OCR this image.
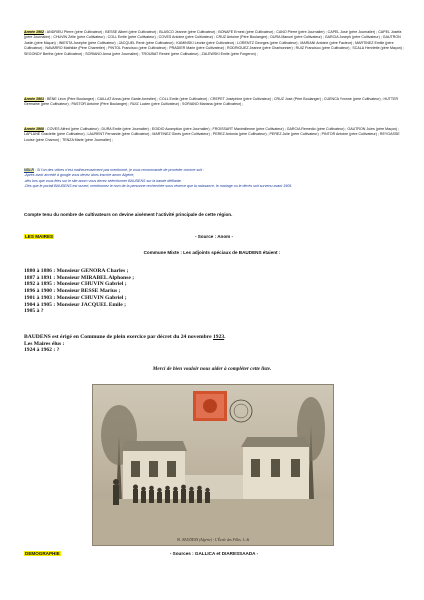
Année 1902 : ANDRIEU Pierre (père Cultivateur) ; BESSE Albert (père Cultivateur) ; BLASCO Jeanne (père Cultivateur) ; BONAFE Ernest (père Cultivateur) ; CANO Pierre (père Journalier) ; CAPEL José (père Journalier) ; CAPEL Joséfa (père Journalier) ; CHUVIN Zélie (père Cultivateur) ; COLL Emile (père Cultivateur) ; COVES Antoine (père Cultivateur) ; CRUZ Antoine (Père Boulanger) ; DURA Manuel (père Cultivateur) ; GARCIA Joseph (père Cultivateur) ; GAUTRON Justin (père Maçon) ; INIESTA Joséphe (père Cultivateur) ; JACQUEL René (père Cultivateur) ; KAMINSKI Léonie (père Cultivateur) ; LORENTZ Georges (père Cultivateur) ; MARIANI Antoine (père Facteur) ; MARTINEZ Emilie (père Cultivateur) ; NAVARRO Mathilde (Père Charretier) ; PINTOL Francisco (père Cultivateur) ; PRADIER Marie (père Cultivateur) ; RODRIGUEZ Jeanne (père Charbonnier) ; RUIZ Francisco (père Cultivateur) ; SCALA Henriette (père Maçon) ; SEGONDY Berthe (père Cultivateur) ; SORIANO Anna (père Journalier) ; TROUBAT Renée (père Cultivateur) ; ZALEWSKI Emile (père Forgeron) ;
Année 1901 : BÉNE Léon (Père Boulanger) ; CAILLAT Anna (père Garde-forestier) ; COLL Emile (père Cultivateur) ; CREPET Joséphine (père Cultivateur) ; CRUZ José (Père Boulanger) ; CUENCA Yvonne (père Cultivateur) ; HUTTER Germaine (père Cultivateur) ; PASTOR Antoine (Père Boulanger) ; RUIZ Lucien (père Cultivateur) ; SORIANO Mariana (père Cultivateur) ;
Année 1900 : COVES Alfred (père Cultivateur) ; DURA Emile (père Journalier) ; EGIDIO Acomption (père Journalier) ; FROISSART Maximilienne (père Cultivateur) ; GARCIA Remedio (père Cultivateur) ; GAUTRON Jules (père Maçon) ; LAPLANE Graciette (père Cultivateur) ; LAURENT Fernande (père Cultivateur) ; MARTINEZ Ginès (père Cultivateur) ; PEREZ Antonia (père Cultivateur) ; PEREZ Julie (père Cultivateur) ; PINTOR Antoine (père Cultivateur) ; REYGASSE Louise (père Charron) ; TENZA Marie (père Journalier) ;
NDLR : Si l'un des vôtres n'est malheureusement pas mentionné, je vous recommande de procéder comme suit :
-Après avoir accédé à google vous devez alors inscrire anom Algérie,
-dès lors que vous êtes sur le site anom vous devez sélectionner BAUDENS sur la bande défilante.
-Dès que le portail BAUDENS est ouvert, mentionnez le nom de la personne recherchée sous réserve que la naissance, le mariage ou le décès soit survenu avant 1905.
Compte tenu du nombre de cultivateurs on devine aisément l'activité principale de cette région.
LES MAIRES	- Source : Anom -
Commune Mixte : Les adjoints spéciaux de BAUDENS étaient :
1880 à 1886 : Monsieur GENORA Charles ;
1887 à 1891 : Monsieur MIRABEL Alphonse ;
1892 à 1895 : Monsieur CHUVIN Gabriel ;
1896 à 1900 : Monsieur BESSE Marius ;
1901 à 1903 : Monsieur CHUVIN Gabriel ;
1904 à 1905 : Monsieur JACQUEL Emile ;
1905 à ?
BAUDENS est érigé en Commune de plein exercice par décret du 24 novembre 1923.
Les Maires élus :
1924 à 1962 : ?
Merci de bien vouloir nous aider à compléter cette liste.
91. BAUDENS (Algérie) - L'École des Filles. L. &
DEMOGRAPHIE	- Sources : GALLICA et DIARESSAADA -
